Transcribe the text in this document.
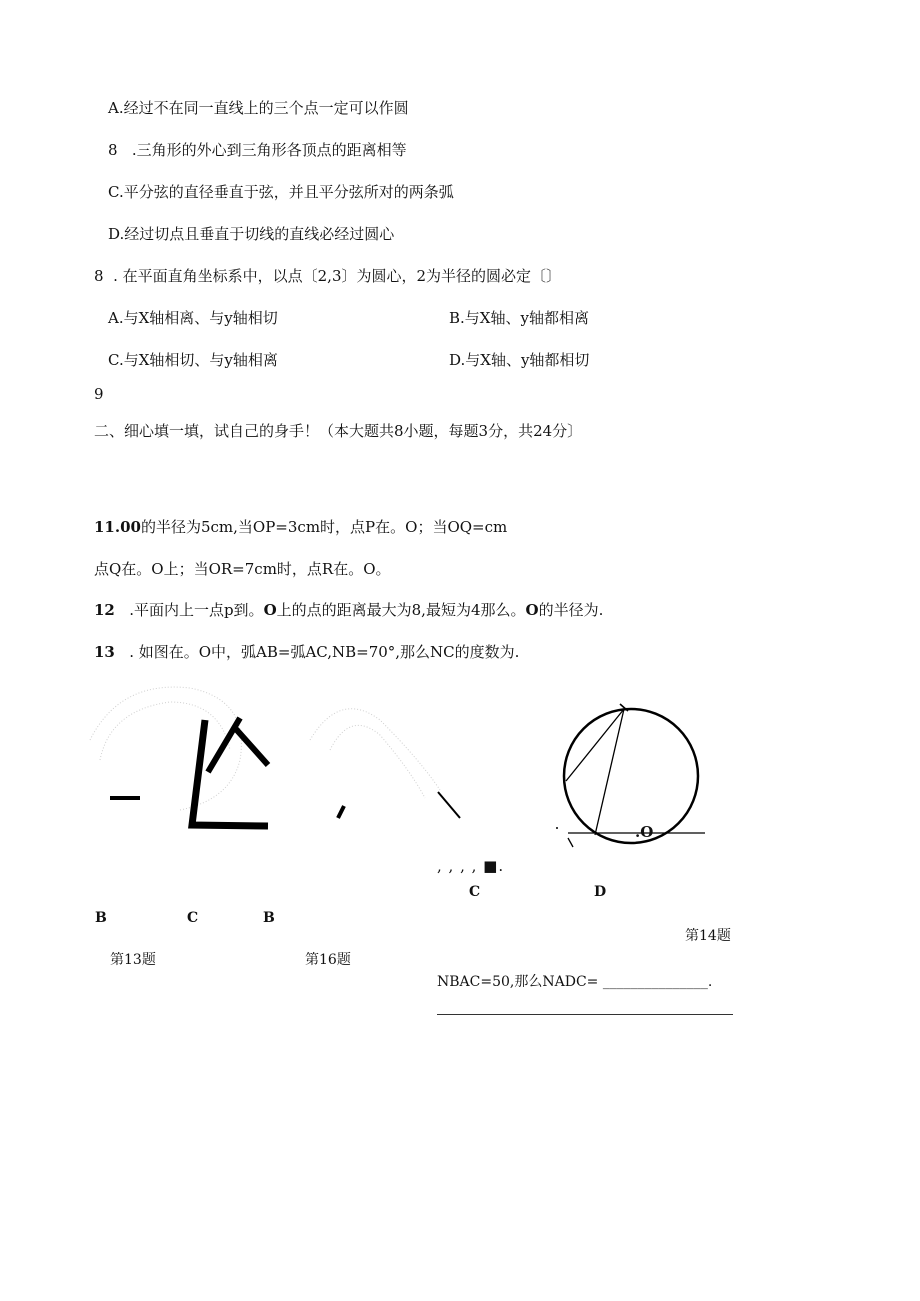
A.经过不在同一直线上的三个点一定可以作圆
8 .三角形的外心到三角形各顶点的距离相等
C.平分弦的直径垂直于弦，并且平分弦所对的两条弧
D.经过切点且垂直于切线的直线必经过圆心
8 . 在平面直角坐标系中，以点〔2,3〕为圆心，2为半径的圆必定〔〕
A.与X轴相离、与y轴相切	B.与X轴、y轴都相离
C.与X轴相切、与y轴相离	D.与X轴、y轴都相切
9
二、细心填一填，试自己的身手！（本大题共8小题，每题3分，共24分〕
11.00的半径为5cm,当OP=3cm时，点P在。O；当OQ=cm
点Q在。O上；当OR=7cm时，点R在。O。
12 .平面内上一点p到。O上的点的距离最大为8,最短为4那么。O的半径为.
13 . 如图在。O中，弧AB=弧AC,NB=70°,那么NC的度数为.
B	C	B
第13题	第16题
.O
, , , , ■.
C	D
第14题
NBAC=50,那么NADC= _______________.
